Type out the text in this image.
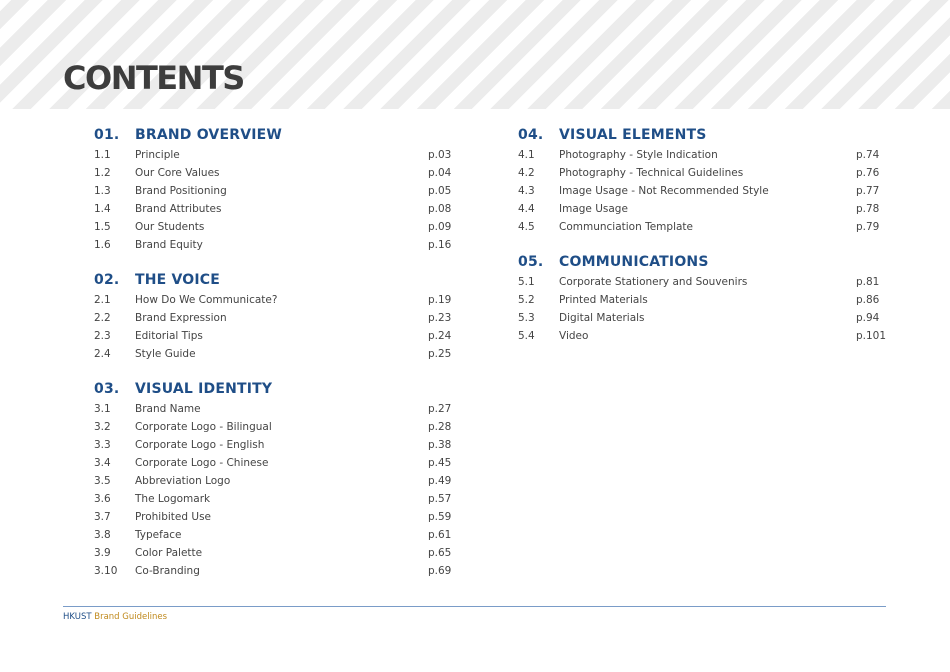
CONTENTS
01.	BRAND OVERVIEW
1.1	Principle	p.03
1.2	Our Core Values	p.04
1.3	Brand Positioning	p.05
1.4	Brand Attributes	p.08
1.5	Our Students	p.09
1.6	Brand Equity	p.16
02.	THE VOICE
2.1	How Do We Communicate?	p.19
2.2	Brand Expression	p.23
2.3	Editorial Tips	p.24
2.4	Style Guide	p.25
03.	VISUAL IDENTITY
3.1	Brand Name	p.27
3.2	Corporate Logo - Bilingual	p.28
3.3	Corporate Logo - English	p.38
3.4	Corporate Logo - Chinese	p.45
3.5	Abbreviation Logo	p.49
3.6	The Logomark	p.57
3.7	Prohibited Use	p.59
3.8	Typeface	p.61
3.9	Color Palette	p.65
3.10	Co-Branding	p.69
04.	VISUAL ELEMENTS
4.1	Photography - Style Indication	p.74
4.2	Photography - Technical Guidelines	p.76
4.3	Image Usage - Not Recommended Style	p.77
4.4	Image Usage	p.78
4.5	Communciation Template	p.79
05.	COMMUNICATIONS
5.1	Corporate Stationery and Souvenirs	p.81
5.2	Printed Materials	p.86
5.3	Digital Materials	p.94
5.4	Video	p.101
HKUST Brand Guidelines
